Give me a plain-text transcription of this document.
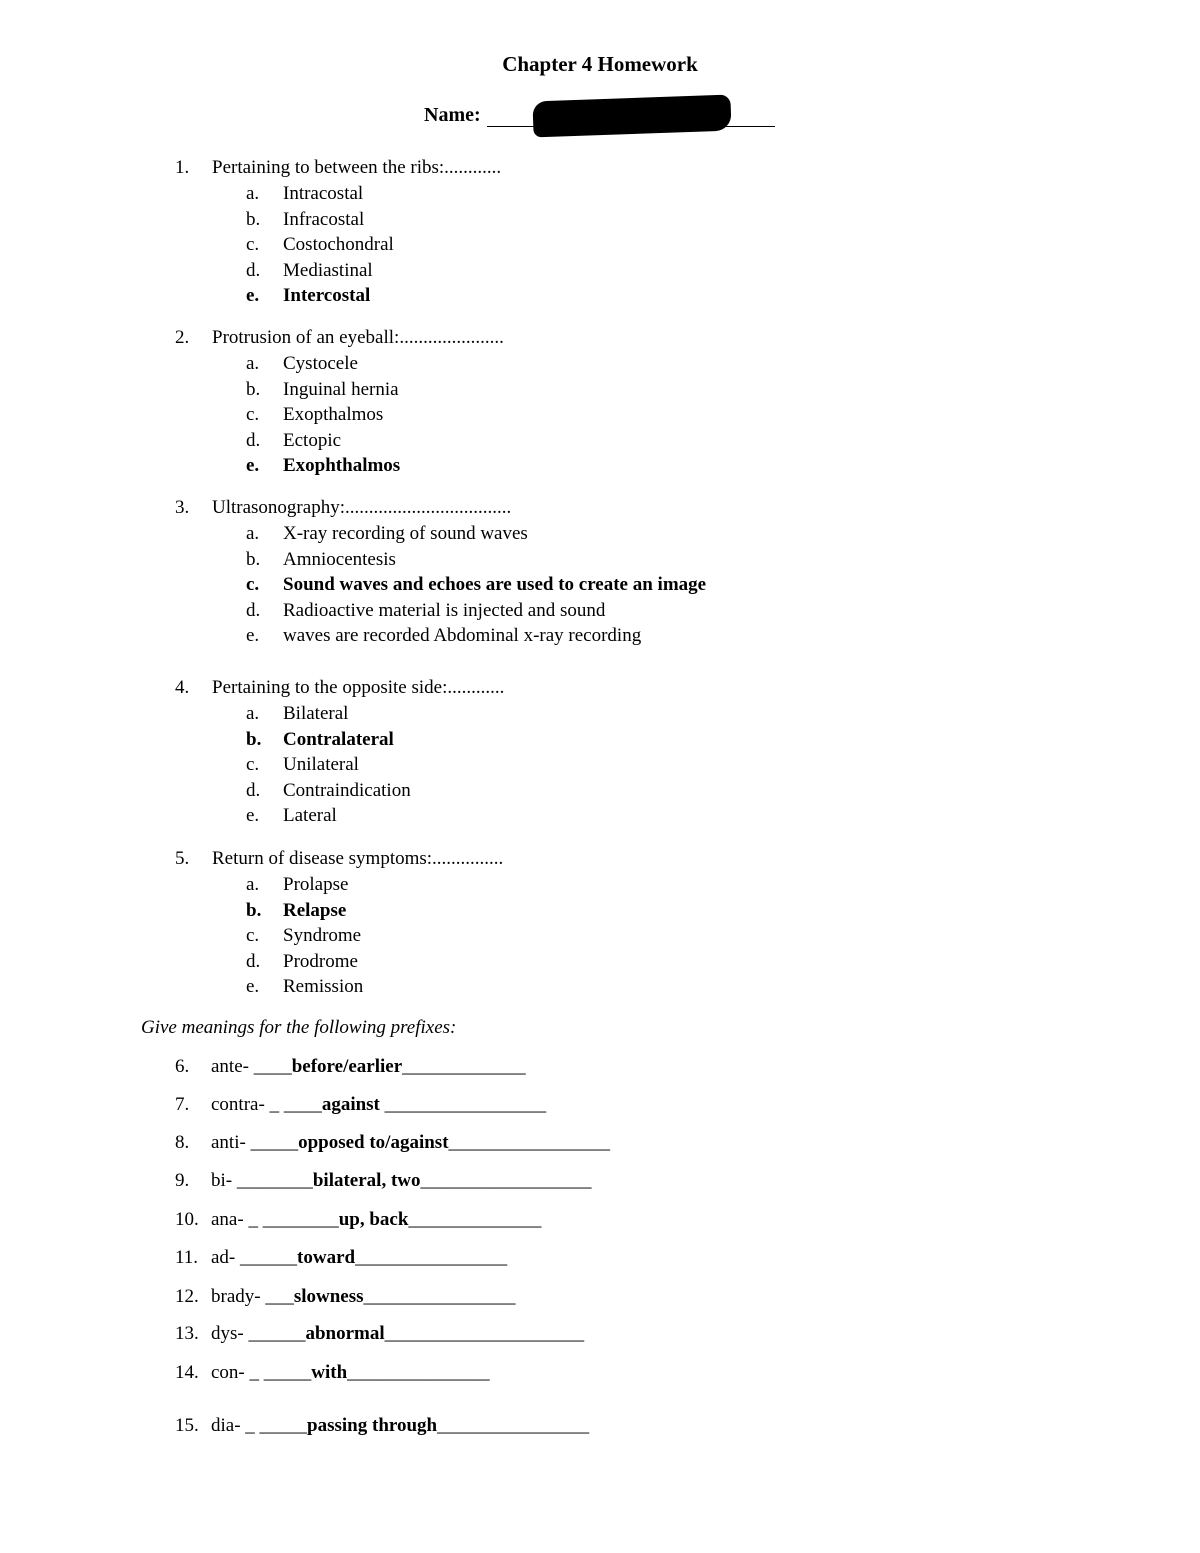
Chapter 4 Homework
Name:
1. Pertaining to between the ribs:............
a. Intracostal
b. Infracostal
c. Costochondral
d. Mediastinal
e. Intercostal
2. Protrusion of an eyeball:......................
a. Cystocele
b. Inguinal hernia
c. Exopthalmos
d. Ectopic
e. Exophthalmos
3. Ultrasonography:...................................
a. X-ray recording of sound waves
b. Amniocentesis
c. Sound waves and echoes are used to create an image
d. Radioactive material is injected and sound
e. waves are recorded Abdominal x-ray recording
4. Pertaining to the opposite side:............
a. Bilateral
b. Contralateral
c. Unilateral
d. Contraindication
e. Lateral
5. Return of disease symptoms:...............
a. Prolapse
b. Relapse
c. Syndrome
d. Prodrome
e. Remission
Give meanings for the following prefixes:
6. ante- ____before/earlier_____________
7. contra- _ ____against _________________
8. anti- _____opposed to/against_________________
9. bi- ________bilateral, two__________________
10. ana- _ ________up, back______________
11. ad- ______toward________________
12. brady- ___slowness________________
13. dys- ______abnormal_____________________
14. con- _ _____with_______________
15. dia- _ _____passing through________________
